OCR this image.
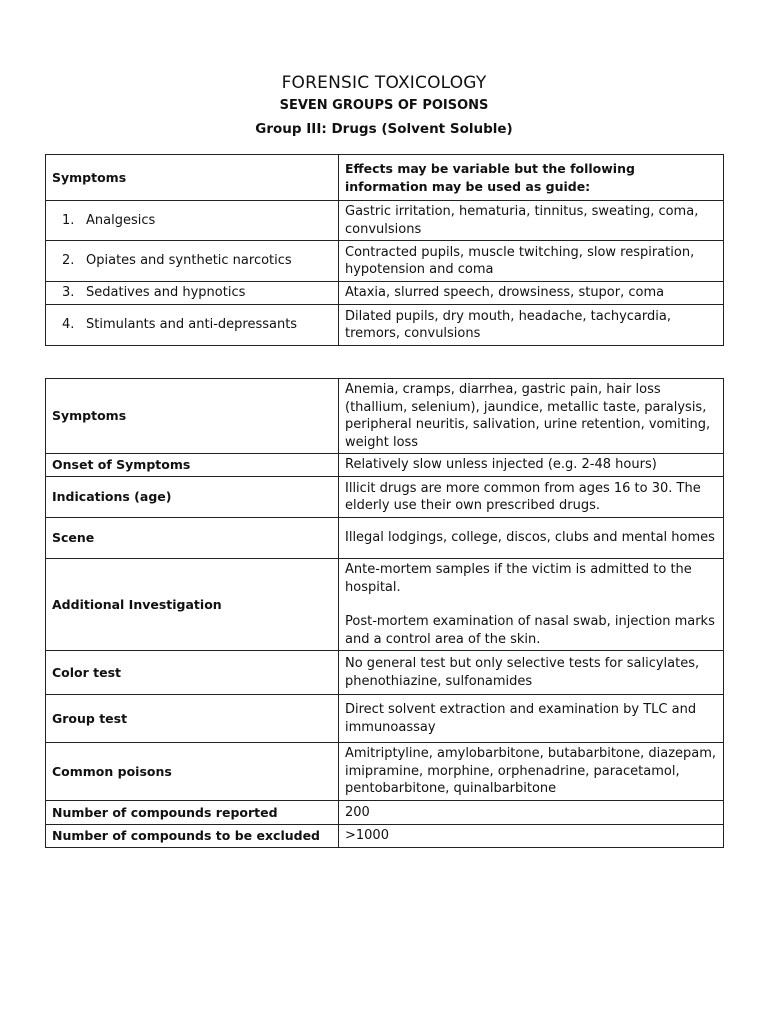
FORENSIC TOXICOLOGY
SEVEN GROUPS OF POISONS
Group III: Drugs (Solvent Soluble)
Symptoms	Effects may be variable but the following information may be used as guide:

1. Analgesics	Gastric irritation, hematuria, tinnitus, sweating, coma, convulsions

2. Opiates and synthetic narcotics	Contracted pupils, muscle twitching, slow respiration, hypotension and coma

3. Sedatives and hypnotics	Ataxia, slurred speech, drowsiness, stupor, coma

4. Stimulants and anti-depressants	Dilated pupils, dry mouth, headache, tachycardia, tremors, convulsions
Symptoms	Anemia, cramps, diarrhea, gastric pain, hair loss (thallium, selenium), jaundice, metallic taste, paralysis, peripheral neuritis, salivation, urine retention, vomiting, weight loss
Onset of Symptoms	Relatively slow unless injected (e.g. 2-48 hours)
Indications (age)	Illicit drugs are more common from ages 16 to 30. The elderly use their own prescribed drugs.
Scene	Illegal lodgings, college, discos, clubs and mental homes
Additional Investigation	Ante-mortem samples if the victim is admitted to the hospital.
Post-mortem examination of nasal swab, injection marks and a control area of the skin.
Color test	No general test but only selective tests for salicylates, phenothiazine, sulfonamides
Group test	Direct solvent extraction and examination by TLC and immunoassay
Common poisons	Amitriptyline, amylobarbitone, butabarbitone, diazepam, imipramine, morphine, orphenadrine, paracetamol, pentobarbitone, quinalbarbitone
Number of compounds reported	200
Number of compounds to be excluded	>1000
